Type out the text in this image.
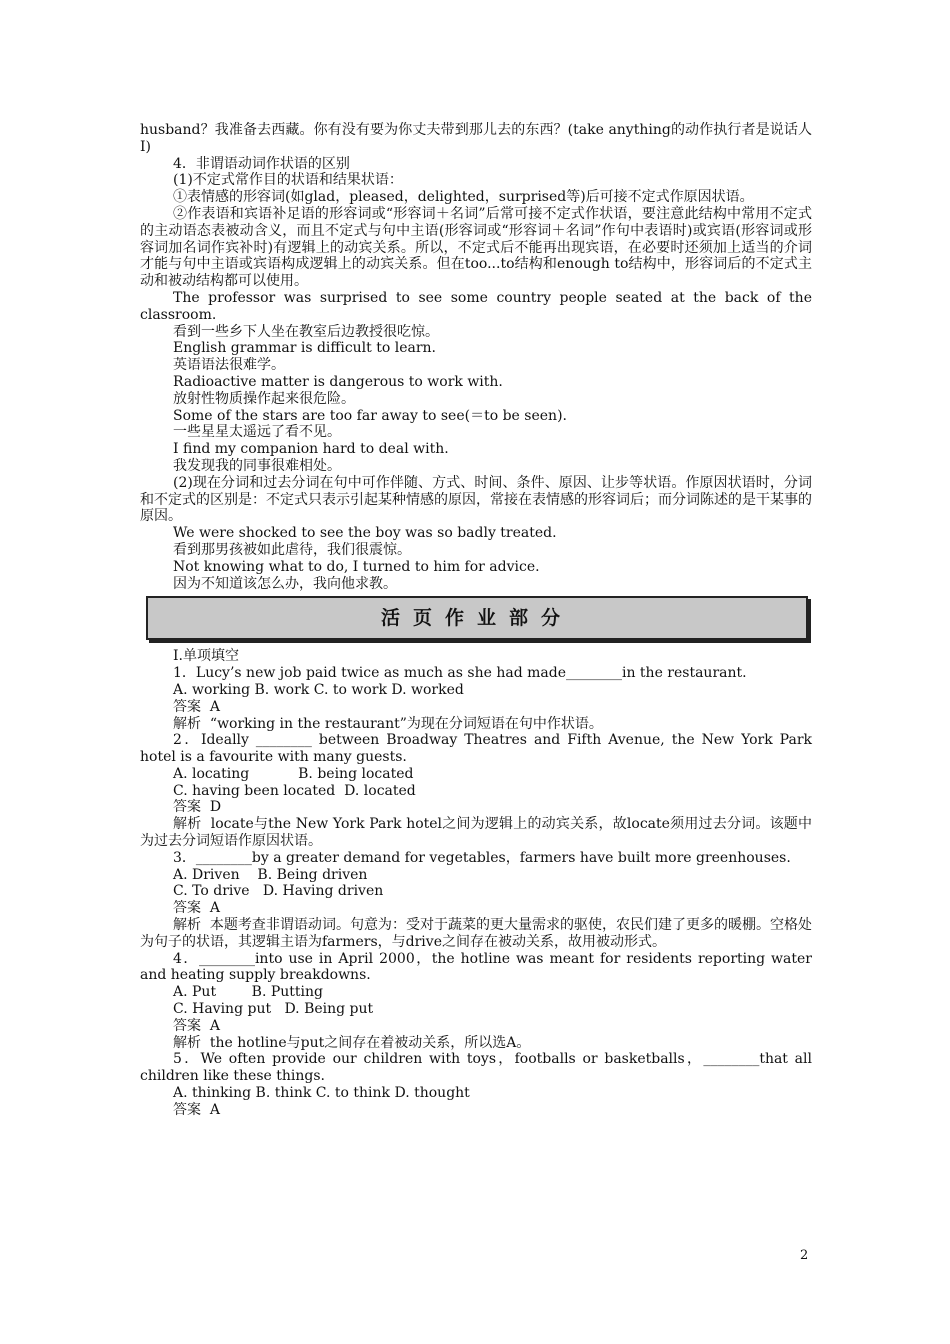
husband？我准备去西藏。你有没有要为你丈夫带到那儿去的东西？(take anything的动作执行者是说话人I)

4．非谓语动词作状语的区别

(1)不定式常作目的状语和结果状语：

①表情感的形容词(如glad，pleased，delighted，surprised等)后可接不定式作原因状语。

②作表语和宾语补足语的形容词或“形容词＋名词”后常可接不定式作状语，要注意此结构中常用不定式的主动语态表被动含义，而且不定式与句中主语(形容词或“形容词＋名词”作句中表语时)或宾语(形容词或形容词加名词作宾补时)有逻辑上的动宾关系。所以，不定式后不能再出现宾语，在必要时还须加上适当的介词才能与句中主语或宾语构成逻辑上的动宾关系。但在too...to结构和enough to结构中，形容词后的不定式主动和被动结构都可以使用。

The professor was surprised to see some country people seated at the back of the classroom.

看到一些乡下人坐在教室后边教授很吃惊。

English grammar is difficult to learn.

英语语法很难学。

Radioactive matter is dangerous to work with.

放射性物质操作起来很危险。

Some of the stars are too far away to see(＝to be seen).

一些星星太遥远了看不见。

I find my companion hard to deal with.

我发现我的同事很难相处。

(2)现在分词和过去分词在句中可作伴随、方式、时间、条件、原因、让步等状语。作原因状语时，分词和不定式的区别是：不定式只表示引起某种情感的原因，常接在表情感的形容词后；而分词陈述的是干某事的原因。

We were shocked to see the boy was so badly treated.

看到那男孩被如此虐待，我们很震惊。

Not knowing what to do, I turned to him for advice.

因为不知道该怎么办，我向他求教。

活页作业部分

Ⅰ.单项填空

1．Lucy’s new job paid twice as much as she had made________in the restaurant.

A. working B. work C. to work D. worked

答案 A

解析 “working in the restaurant”为现在分词短语在句中作状语。

2．Ideally ________ between Broadway Theatres and Fifth Avenue, the New York Park hotel is a favourite with many guests.

A. locating           B. being located

C. having been located  D. located

答案 D

解析 locate与the New York Park hotel之间为逻辑上的动宾关系，故locate须用过去分词。该题中为过去分词短语作原因状语。

3．________by a greater demand for vegetables，farmers have built more greenhouses.

A. Driven    B. Being driven

C. To drive   D. Having driven

答案 A

解析 本题考查非谓语动词。句意为：受对于蔬菜的更大量需求的驱使，农民们建了更多的暖棚。空格处为句子的状语，其逻辑主语为farmers，与drive之间存在被动关系，故用被动形式。

4．________into use in April 2000，the hotline was meant for residents reporting water and heating supply breakdowns.

A. Put        B. Putting

C. Having put   D. Being put

答案 A

解析 the hotline与put之间存在着被动关系，所以选A。

5．We often provide our children with toys，footballs or basketballs，________that all children like these things.

A. thinking B. think C. to think D. thought

答案 A

2
